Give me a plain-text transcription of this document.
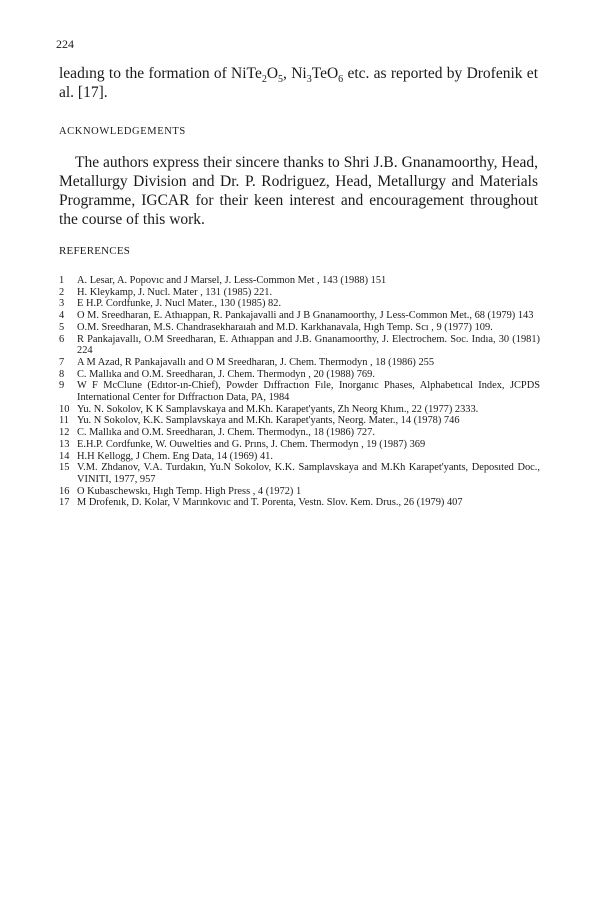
224

leadıng to the formation of $NiTe_2O_5$, $Ni_3TeO_6$ etc. as reported by Drofenik et al. [17].

ACKNOWLEDGEMENTS

The authors express their sincere thanks to Shri J.B. Gnanamoorthy, Head, Metallurgy Division and Dr. P. Rodriguez, Head, Metallurgy and Materials Programme, IGCAR for their keen interest and encouragement throughout the course of this work.

REFERENCES
1	A. Lesar, A. Popovıc and J Marsel, J. Less-Common Met , 143 (1988) 151
2	H. Kleykamp, J. Nucl. Mater , 131 (1985) 221.
3	E H.P. Cordfunke, J. Nucl Mater., 130 (1985) 82.
4	O M. Sreedharan, E. Athıappan, R. Pankajavalli and J B Gnanamoorthy, J Less-Common Met., 68 (1979) 143
5	O.M. Sreedharan, M.S. Chandrasekharaıah and M.D. Karkhanavala, Hıgh Temp. Scı , 9 (1977) 109.
6	R Pankajavallı, O.M Sreedharan, E. Athıappan and J.B. Gnanamoorthy, J. Electrochem. Soc. Indıa, 30 (1981) 224
7	A M Azad, R Pankajavallı and O M Sreedharan, J. Chem. Thermodyn , 18 (1986) 255
8	C. Mallıka and O.M. Sreedharan, J. Chem. Thermodyn , 20 (1988) 769.
9	W F McClune (Edıtor-ın-Chief), Powder Dıffractıon Fıle, Inorganıc Phases, Alphabetıcal Index, JCPDS International Center for Dıffractıon Data, PA, 1984
10 Yu. N. Sokolov, K K Samplavskaya and M.Kh. Karapet'yants, Zh Neorg Khım., 22 (1977) 2333.
11 Yu. N Sokolov, K.K. Samplavskaya and M.Kh. Karapet'yants, Neorg. Mater., 14 (1978) 746
12 C. Mallıka and O.M. Sreedharan, J. Chem. Thermodyn., 18 (1986) 727.
13 E.H.P. Cordfunke, W. Ouwelties and G. Prıns, J. Chem. Thermodyn , 19 (1987) 369
14 H.H Kellogg, J Chem. Eng Data, 14 (1969) 41.
15 V.M. Zhdanov, V.A. Turdakın, Yu.N Sokolov, K.K. Samplavskaya and M.Kh Karapet'yants, Deposıted Doc., VINITI, 1977, 957
16 O Kubaschewskı, Hıgh Temp. High Press , 4 (1972) 1
17 M Drofenık, D. Kolar, V Marınkovıc and T. Porenta, Vestn. Slov. Kem. Drus., 26 (1979) 407
